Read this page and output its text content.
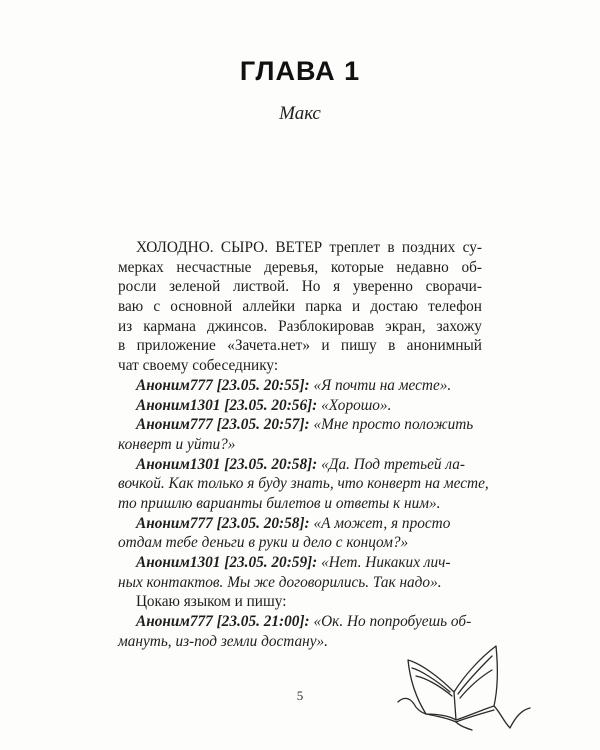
ГЛАВА 1
Макс
ХОЛОДНО. СЫРО. ВЕТЕР треплет в поздних су-
мерках несчастные деревья, которые недавно об-
росли зеленой листвой. Но я уверенно сворачи-
ваю с основной аллейки парка и достаю телефон
из кармана джинсов. Разблокировав экран, захожу
в приложение «Зачета.нет» и пишу в анонимный
чат своему собеседнику:
Аноним777 [23.05. 20:55]: «Я почти на месте».
Аноним1301 [23.05. 20:56]: «Хорошо».
Аноним777 [23.05. 20:57]: «Мне просто положить
конверт и уйти?»
Аноним1301 [23.05. 20:58]: «Да. Под третьей ла-
вочкой. Как только я буду знать, что конверт на месте,
то пришлю варианты билетов и ответы к ним».
Аноним777 [23.05. 20:58]: «А может, я просто
отдам тебе деньги в руки и дело с концом?»
Аноним1301 [23.05. 20:59]: «Нет. Никаких лич-
ных контактов. Мы же договорились. Так надо».
Цокаю языком и пишу:
Аноним777 [23.05. 21:00]: «Ок. Но попробуешь об-
мануть, из-под земли достану».
5
